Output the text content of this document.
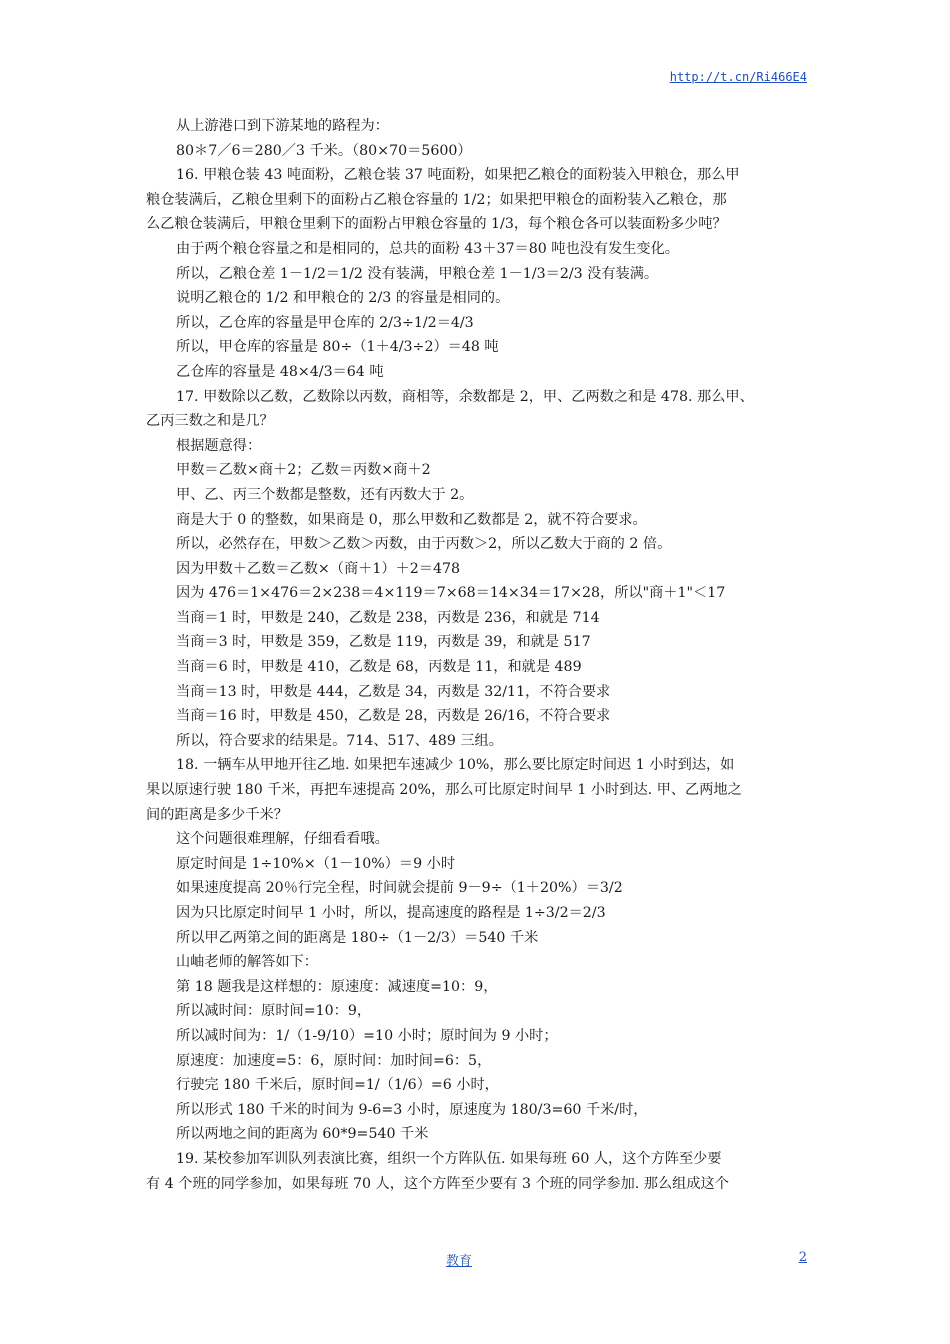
http://t.cn/Ri466E4
从上游港口到下游某地的路程为：
80＊7／6＝280／3 千米。（80×70＝5600）
16. 甲粮仓装 43 吨面粉，乙粮仓装 37 吨面粉，如果把乙粮仓的面粉装入甲粮仓，那么甲
粮仓装满后，乙粮仓里剩下的面粉占乙粮仓容量的 1/2；如果把甲粮仓的面粉装入乙粮仓，那
么乙粮仓装满后，甲粮仓里剩下的面粉占甲粮仓容量的 1/3，每个粮仓各可以装面粉多少吨？
由于两个粮仓容量之和是相同的，总共的面粉 43＋37＝80 吨也没有发生变化。
所以，乙粮仓差 1－1/2＝1/2 没有装满，甲粮仓差 1－1/3＝2/3 没有装满。
说明乙粮仓的 1/2 和甲粮仓的 2/3 的容量是相同的。
所以，乙仓库的容量是甲仓库的 2/3÷1/2＝4/3
所以，甲仓库的容量是 80÷（1＋4/3÷2）＝48 吨
乙仓库的容量是 48×4/3＝64 吨
17. 甲数除以乙数，乙数除以丙数，商相等，余数都是 2，甲、乙两数之和是 478. 那么甲、
乙丙三数之和是几？
根据题意得：
甲数＝乙数×商＋2；乙数＝丙数×商＋2
甲、乙、丙三个数都是整数，还有丙数大于 2。
商是大于 0 的整数，如果商是 0，那么甲数和乙数都是 2，就不符合要求。
所以，必然存在，甲数＞乙数＞丙数，由于丙数＞2，所以乙数大于商的 2 倍。
因为甲数＋乙数＝乙数×（商＋1）＋2＝478
因为 476＝1×476＝2×238＝4×119＝7×68＝14×34＝17×28，所以"商＋1"＜17
当商＝1 时，甲数是 240，乙数是 238，丙数是 236，和就是 714
当商＝3 时，甲数是 359，乙数是 119，丙数是 39，和就是 517
当商＝6 时，甲数是 410，乙数是 68，丙数是 11，和就是 489
当商＝13 时，甲数是 444，乙数是 34，丙数是 32/11，不符合要求
当商＝16 时，甲数是 450，乙数是 28，丙数是 26/16，不符合要求
所以，符合要求的结果是。714、517、489 三组。
18. 一辆车从甲地开往乙地. 如果把车速减少 10%，那么要比原定时间迟 1 小时到达，如
果以原速行驶 180 千米，再把车速提高 20%，那么可比原定时间早 1 小时到达. 甲、乙两地之
间的距离是多少千米？
这个问题很难理解，仔细看看哦。
原定时间是 1÷10%×（1－10%）＝9 小时
如果速度提高 20％行完全程，时间就会提前 9－9÷（1＋20%）＝3/2
因为只比原定时间早 1 小时，所以，提高速度的路程是 1÷3/2＝2/3
所以甲乙两第之间的距离是 180÷（1－2/3）＝540 千米
山岫老师的解答如下：
第 18 题我是这样想的：原速度：减速度=10：9，
所以减时间：原时间=10：9，
所以减时间为：1/（1-9/10）=10 小时；原时间为 9 小时；
原速度：加速度=5：6，原时间：加时间=6：5，
行驶完 180 千米后，原时间=1/（1/6）=6 小时，
所以形式 180 千米的时间为 9-6=3 小时，原速度为 180/3=60 千米/时，
所以两地之间的距离为 60*9=540 千米
19. 某校参加军训队列表演比赛，组织一个方阵队伍. 如果每班 60 人，这个方阵至少要
有 4 个班的同学参加，如果每班 70 人，这个方阵至少要有 3 个班的同学参加. 那么组成这个
教育	2
